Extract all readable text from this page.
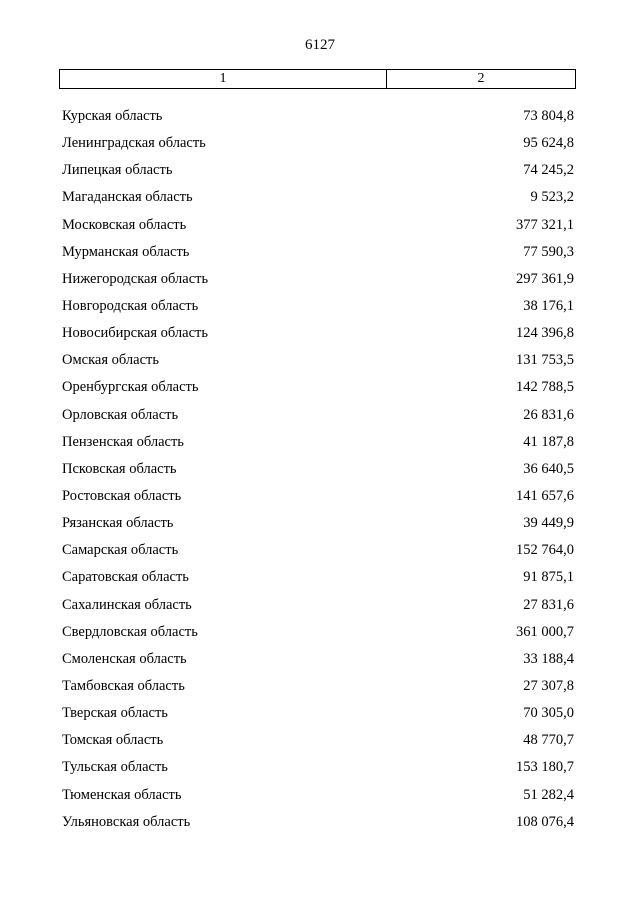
6127
1	2
Курская область	73 804,8
Ленинградская область	95 624,8
Липецкая область	74 245,2
Магаданская область	9 523,2
Московская область	377 321,1
Мурманская область	77 590,3
Нижегородская область	297 361,9
Новгородская область	38 176,1
Новосибирская область	124 396,8
Омская область	131 753,5
Оренбургская область	142 788,5
Орловская область	26 831,6
Пензенская область	41 187,8
Псковская область	36 640,5
Ростовская область	141 657,6
Рязанская область	39 449,9
Самарская область	152 764,0
Саратовская область	91 875,1
Сахалинская область	27 831,6
Свердловская область	361 000,7
Смоленская область	33 188,4
Тамбовская область	27 307,8
Тверская область	70 305,0
Томская область	48 770,7
Тульская область	153 180,7
Тюменская область	51 282,4
Ульяновская область	108 076,4
